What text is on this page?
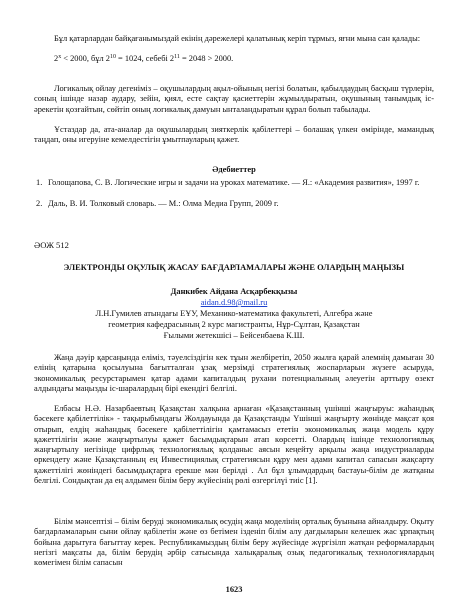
Бұл қатарлардан байқағанымыздай екінің дәрежелері қалатынық керіп тұрмыз, яғни мына сан қалады:

$2^x < 2000$, бұл $2^{10} = 1024$, себебі $2^{11} = 2048 > 2000$.

Логикалық ойлау дегеніміз – оқушылардың ақыл-ойының негізі болатын, қабылдаудың басқыш түрлерін, соның ішінде назар аудару, зейін, қиял, есте сақтау қасиеттерін жұмылдыратын, оқушының танымдық іс-әрекетін қозғайтын, сөйтіп оның логикалық дамуын ынталандыратын құрал болып табылады.

Ұстаздар да, ата-аналар да оқушылардың зияткерлік қабілеттері – болашақ үлкен өмірінде, мамандық таңдап, оны игеруіне кемелдестігін ұмытпауларың қажет.

Әдебиеттер

1. Голощапова, С. В. Логические игры и задачи на уроках математике. — Я.: «Академия развития», 1997 г.
2. Даль, В. И. Толковый словарь. — М.: Олма Медиа Групп, 2009 г.

ӘОЖ 512

ЭЛЕКТРОНДЫ ОҚУЛЫҚ ЖАСАУ БАҒДАРЛАМАЛАРЫ ЖӘНЕ ОЛАРДЫҢ МАҢЫЗЫ

Данкибек Айдана Асқарбекқызы

aidan.d.98@mail.ru

Л.Н.Гумилев атындағы ЕҰУ, Механико-математика факультеті, Алгебра және

геометрия кафедрасының 2 курс магистранты, Нұр-Сұлтан, Қазақстан

Ғылыми жетекшісі – Бейсенбаева К.Ш.

Жаңа дәуір қарсаңында еліміз, тәуелсіздігін кек тұын желбіретіп, 2050 жылға қарай әлемнің дамыған 30 елінің қатарына қосылуына бағытталған ұзақ мерзімді стратегиялық жоспарларын жүзеге асыруда, экономикалық ресурстарымен қатар адами капиталдың рухани потенциалының әлеуетін арттыру өзект алдындағы маңызды іс-шаралардың бірі екендігі белгілі.

Елбасы Н.Ә. Назарбаевтың Қазақстан халқына арнаған «Қазақстанның үшінші жаңғыруы: жаһандық бәсекеге қабілеттілік» - тақырыбындағы Жолдауында да Қазақстанды Үшінші жаңғырту жөнінде мақсат қоя отырып, елдің жаһандық бәсекеге қабілеттілігін қамтамасыз ететін экономикалық жаңа модель құру қажеттілігін және жаңғыртылуы қажет басымдықтарын атап көрсетті. Олардың ішінде технологиялық жаңғыртылу негізінде цифрлық технологиялық қолданыс аясын кеңейту арқылы жаңа индустриаларды өркендету және Қазақстанның ең Инвестициялық стратегиясын құру мен адами капитал сапасын жақсарту қажеттілігі жөніндегі басымдықтарға ерекше мән берілді . Ал бұл ұлымдардың бастауы-білім де жатқаны белгілі. Сондықтан да ең алдымен білім беру жүйесінің рөлі өзгергілүі тиіс [1].

Білім мәнсептізі – білім беруді экономикалық өсудің жаңа моделінің орталық буынына айналдыру. Оқыту бағдарламаларын сыни ойлау қабілетін және өз бетімен ізденіп білім алу дағдыларын келешек жас ұрпақтың бойына дарытуға бағыттау керек. Республикамыздың білім беру жүйесінде жүргізілп жатқан реформалардың негізгі мақсаты да, білім берудің әрбір сатысында халықаралық озық педагогикалық технологиялардың көмегімен білім сапасын

1623
